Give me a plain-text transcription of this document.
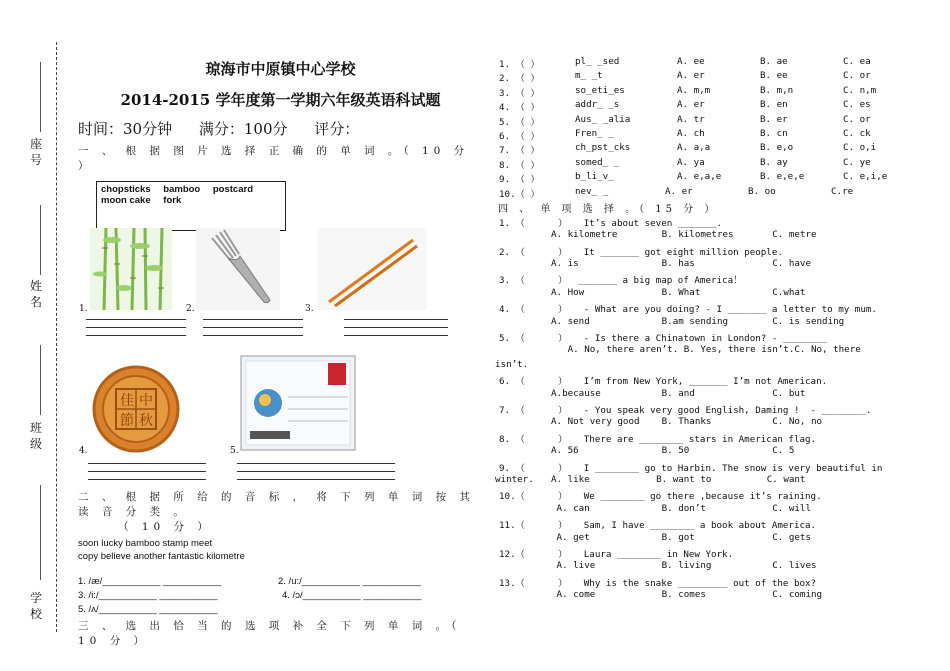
座 号
姓 名
班 级
学 校
琼海市中原镇中心学校
2014-2015 学年度第一学期六年级英语科试题
时间：30分钟 满分：100分 评分：
一 、 根 据 图 片 选 择 正 确 的 单 词 。（ 10 分 ）
chopsticks bamboo postcard
moon cake fork
1.	2.	3.
佳 中
節 秋
4.	5.
二 、 根 据 所 给 的 音 标 ， 将 下 列 单 词 按 其 读 音 分 类 。
（ 10 分 ）
soon lucky bamboo stamp meet
copy believe another fantastic kilometre
1. /æ/___________ ___________	2. /u:/___________ ___________
3. /i:/___________ ___________	4. /ɔ/___________ ___________
5. /ʌ/___________ ___________
三 、 选 出 恰 当 的 选 项 补 全 下 列 单 词 。（ 10 分 ）
1. （ ）	pl_ _sed	A. ee	B. ae	C. ea
2. （ ）	m_ _t	A. er	B. ee	C. or
3. （ ）	so_eti_es	A. m,m	B. m,n	C. n,m
4. （ ）	addr_ _s	A. er	B. en	C. es
5. （ ）	Aus_ _alia	A. tr	B. er	C. or
6. （ ）	Fren_ _	A. ch	B. cn	C. ck
7. （ ）	ch_pst_cks	A. a,a	B. e,o	C. o,i
8. （ ）	somed_ _	A. ya	B. ay	C. ye
9. （ ）	b_li_v_	A. e,a,e	B. e,e,e	C. e,i,e
10.（ ）	nev_ _	A. er	B. oo	C.re
四 、 单 项 选 择 。（ 15 分 ）
1. （      ）   It’s about seven _______.
A. kilometre        B. kilometres       C. metre
2. （      ）   It _______ got eight million people.
A. is               B. has              C. have
3. （      ）  _______ a big map of America！
A. How              B. What             C.what
4. （      ）   - What are you doing? - I _______ a letter to my mum.
A. send             B.am sending        C. is sending
5. （      ）   - Is there a Chinatown in London? - ________
A. No, there aren’t. B. Yes, there isn’t.C. No, there
isn’t.
6. （      ）   I’m from New York, _______ I’m not American.
A.because           B. and              C. but
7. （      ）   - You speak very good English, Daming !  - ________.
A. Not very good    B. Thanks           C. No, no
8. （      ）   There are ________ stars in American flag.
A. 56               B. 50               C. 5
9. （      ）   I ________ go to Harbin. The snow is very beautiful in
winter. A. like            B. want to          C. want
10.（      ）   We ________ go there ,because it’s raining.
A. can             B. don’t            C. will
11.（      ）   Sam, I have ________ a book about America.
A. get             B. got              C. gets
12.（      ）   Laura ________ in New York.
A. live            B. living           C. lives
13.（      ）   Why is the snake _________ out of the box?
A. come            B. comes            C. coming
